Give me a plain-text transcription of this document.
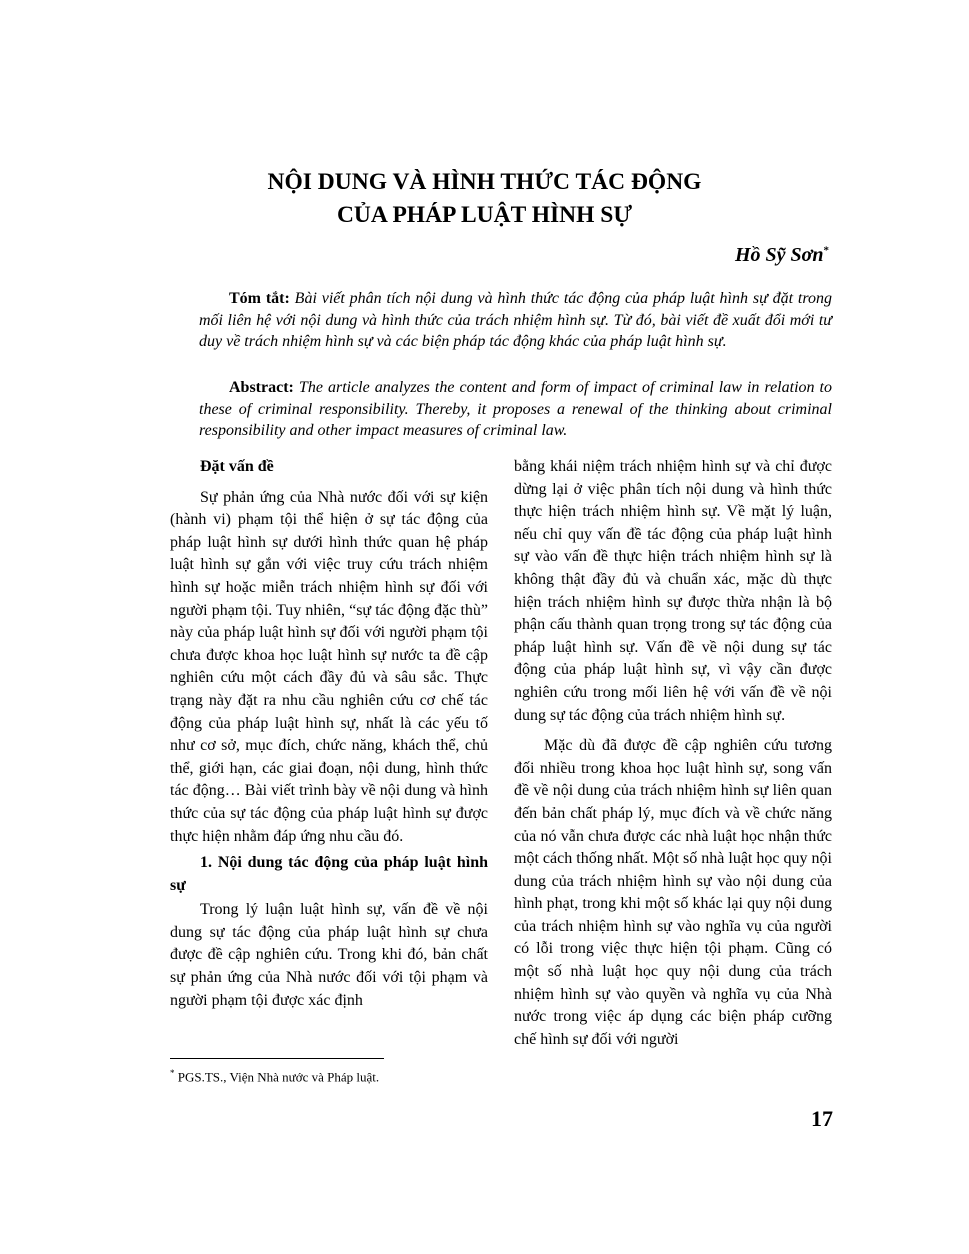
NỘI DUNG VÀ HÌNH THỨC TÁC ĐỘNG
CỦA PHÁP LUẬT HÌNH SỰ
Hồ Sỹ Sơn*

Tóm tắt: Bài viết phân tích nội dung và hình thức tác động của pháp luật hình sự đặt trong mối liên hệ với nội dung và hình thức của trách nhiệm hình sự. Từ đó, bài viết đề xuất đổi mới tư duy về trách nhiệm hình sự và các biện pháp tác động khác của pháp luật hình sự.

Abstract: The article analyzes the content and form of impact of criminal law in relation to these of criminal responsibility. Thereby, it proposes a renewal of the thinking about criminal responsibility and other impact measures of criminal law.

Đặt vấn đề

Sự phản ứng của Nhà nước đối với sự kiện (hành vi) phạm tội thể hiện ở sự tác động của pháp luật hình sự dưới hình thức quan hệ pháp luật hình sự gắn với việc truy cứu trách nhiệm hình sự hoặc miễn trách nhiệm hình sự đối với người phạm tội. Tuy nhiên, “sự tác động đặc thù” này của pháp luật hình sự đối với người phạm tội chưa được khoa học luật hình sự nước ta đề cập nghiên cứu một cách đầy đủ và sâu sắc. Thực trạng này đặt ra nhu cầu nghiên cứu cơ chế tác động của pháp luật hình sự, nhất là các yếu tố như cơ sở, mục đích, chức năng, khách thể, chủ thể, giới hạn, các giai đoạn, nội dung, hình thức tác động… Bài viết trình bày về nội dung và hình thức của sự tác động của pháp luật hình sự được thực hiện nhằm đáp ứng nhu cầu đó.

1. Nội dung tác động của pháp luật hình sự

Trong lý luận luật hình sự, vấn đề về nội dung sự tác động của pháp luật hình sự chưa được đề cập nghiên cứu. Trong khi đó, bản chất sự phản ứng của Nhà nước đối với tội phạm và người phạm tội được xác định

bằng khái niệm trách nhiệm hình sự và chỉ được dừng lại ở việc phân tích nội dung và hình thức thực hiện trách nhiệm hình sự. Về mặt lý luận, nếu chỉ quy vấn đề tác động của pháp luật hình sự vào vấn đề thực hiện trách nhiệm hình sự là không thật đầy đủ và chuẩn xác, mặc dù thực hiện trách nhiệm hình sự được thừa nhận là bộ phận cấu thành quan trọng trong sự tác động của pháp luật hình sự. Vấn đề về nội dung sự tác động của pháp luật hình sự, vì vậy cần được nghiên cứu trong mối liên hệ với vấn đề về nội dung sự tác động của trách nhiệm hình sự.

Mặc dù đã được đề cập nghiên cứu tương đối nhiều trong khoa học luật hình sự, song vấn đề về nội dung của trách nhiệm hình sự liên quan đến bản chất pháp lý, mục đích và về chức năng của nó vẫn chưa được các nhà luật học nhận thức một cách thống nhất. Một số nhà luật học quy nội dung của trách nhiệm hình sự vào nội dung của hình phạt, trong khi một số khác lại quy nội dung của trách nhiệm hình sự vào nghĩa vụ của người có lỗi trong việc thực hiện tội phạm. Cũng có một số nhà luật học quy nội dung của trách nhiệm hình sự vào quyền và nghĩa vụ của Nhà nước trong việc áp dụng các biện pháp cưỡng chế hình sự đối với người

* PGS.TS., Viện Nhà nước và Pháp luật.
17
